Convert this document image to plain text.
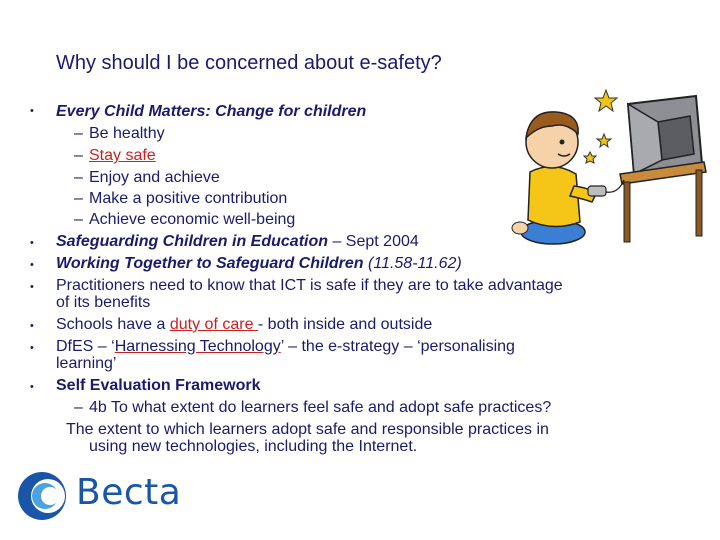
Why should I be concerned about e-safety?
• Every Child Matters: Change for children
– Be healthy
– Stay safe
– Enjoy and achieve
– Make a positive contribution
– Achieve economic well-being
• Safeguarding Children in Education – Sept 2004
• Working Together to Safeguard Children (11.58-11.62)
• Practitioners need to know that ICT is safe if they are to take advantage
of its benefits
• Schools have a duty of care - both inside and outside
• DfES – ‘Harnessing Technology’ – the e-strategy – ‘personalising
learning’
• Self Evaluation Framework
– 4b To what extent do learners feel safe and adopt safe practices?
The extent to which learners adopt safe and responsible practices in
using new technologies, including the Internet.
Becta
